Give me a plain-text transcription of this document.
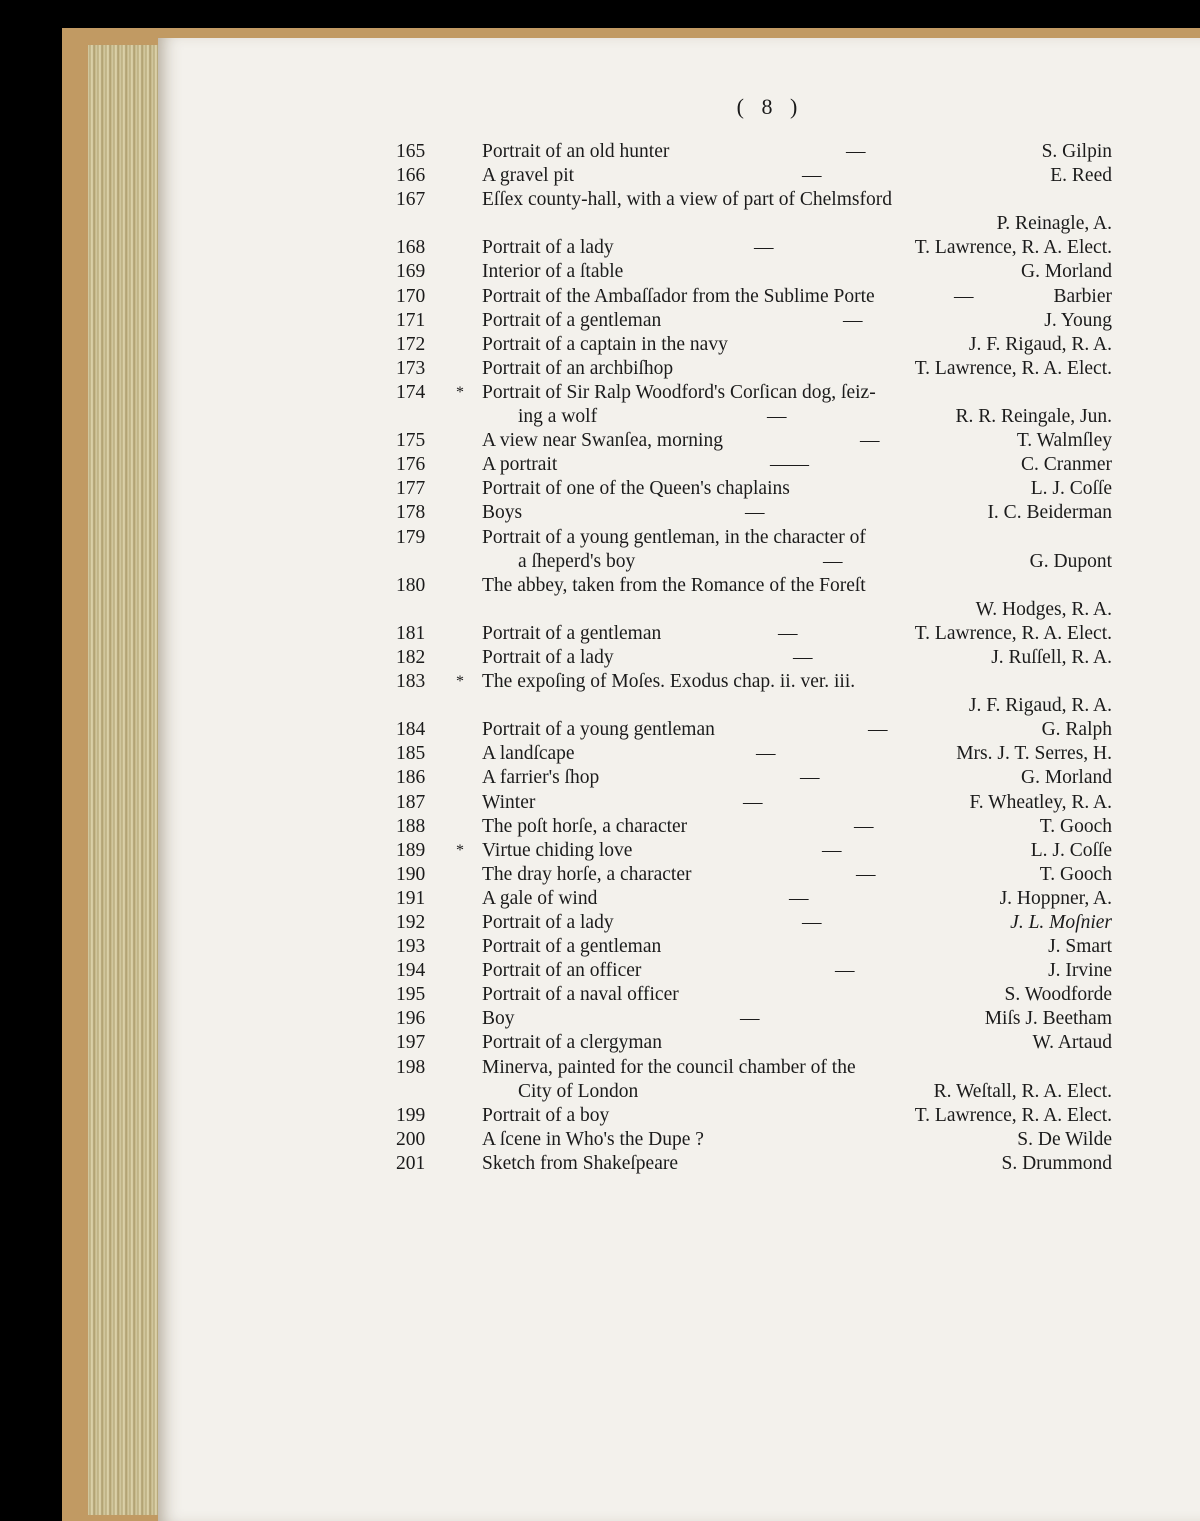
( 8 )
165	Portrait of an old hunter	S. Gilpin
—
166	A gravel pit	E. Reed
—
167	Eſſex county-hall, with a view of part of Chelmsford
P. Reinagle, A.
168	Portrait of a lady	T. Lawrence, R. A. Elect.
—
169	Interior of a ſtable	G. Morland
170	Portrait of the Ambaſſador from the Sublime Porte	Barbier
—
171	Portrait of a gentleman	J. Young
—
172	Portrait of a captain in the navy	J. F. Rigaud, R. A.
173	Portrait of an archbiſhop	T. Lawrence, R. A. Elect.
174	* Portrait of Sir Ralp Woodford's Corſican dog, ſeiz-
ing a wolf	R. R. Reingale, Jun.
—
175	A view near Swanſea, morning	T. Walmſley
—
176	A portrait	C. Cranmer
——
177	Portrait of one of the Queen's chaplains	L. J. Coſſe
178	Boys	I. C. Beiderman
—
179	Portrait of a young gentleman, in the character of
a ſheperd's boy	G. Dupont
—
180	The abbey, taken from the Romance of the Foreſt
W. Hodges, R. A.
181	Portrait of a gentleman	T. Lawrence, R. A. Elect.
—
182	Portrait of a lady	J. Ruſſell, R. A.
—
183	* The expoſing of Moſes. Exodus chap. ii. ver. iii.
J. F. Rigaud, R. A.
184	Portrait of a young gentleman	G. Ralph
—
185	A landſcape	Mrs. J. T. Serres, H.
—
186	A farrier's ſhop	G. Morland
—
187	Winter	F. Wheatley, R. A.
—
188	The poſt horſe, a character	T. Gooch
—
189	* Virtue chiding love	L. J. Coſſe
—
190	The dray horſe, a character	T. Gooch
—
191	A gale of wind	J. Hoppner, A.
—
192	Portrait of a lady	J. L. Moſnier
—
193	Portrait of a gentleman	J. Smart
194	Portrait of an officer	J. Irvine
—
195	Portrait of a naval officer	S. Woodforde
196	Boy	Miſs J. Beetham
—
197	Portrait of a clergyman	W. Artaud
198	Minerva, painted for the council chamber of the
City of London	R. Weſtall, R. A. Elect.
199	Portrait of a boy	T. Lawrence, R. A. Elect.
200	A ſcene in Who's the Dupe ?	S. De Wilde
201	Sketch from Shakeſpeare	S. Drummond
